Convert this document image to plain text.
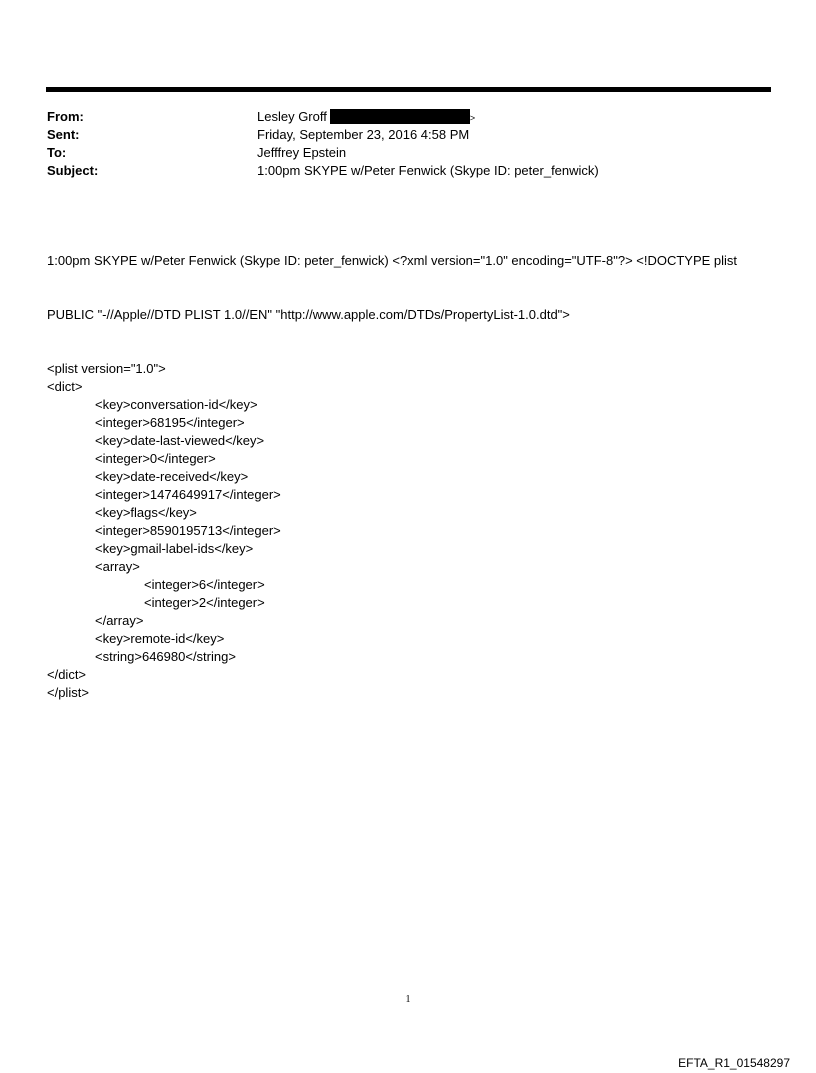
From:	Lesley Groff	>
Sent:	Friday, September 23, 2016 4:58 PM
To:	Jefffrey Epstein
Subject:	1:00pm SKYPE w/Peter Fenwick (Skype ID: peter_fenwick)

1:00pm SKYPE w/Peter Fenwick (Skype ID: peter_fenwick) <?xml version="1.0" encoding="UTF-8"?> <!DOCTYPE plist

PUBLIC "-//Apple//DTD PLIST 1.0//EN" "http://www.apple.com/DTDs/PropertyList-1.0.dtd">

<plist version="1.0">
<dict>
<key>conversation-id</key>
<integer>68195</integer>
<key>date-last-viewed</key>
<integer>0</integer>
<key>date-received</key>
<integer>1474649917</integer>
<key>flags</key>
<integer>8590195713</integer>
<key>gmail-label-ids</key>
<array>
<integer>6</integer>
<integer>2</integer>
</array>
<key>remote-id</key>
<string>646980</string>
</dict>
</plist>

1
EFTA_R1_01548297
